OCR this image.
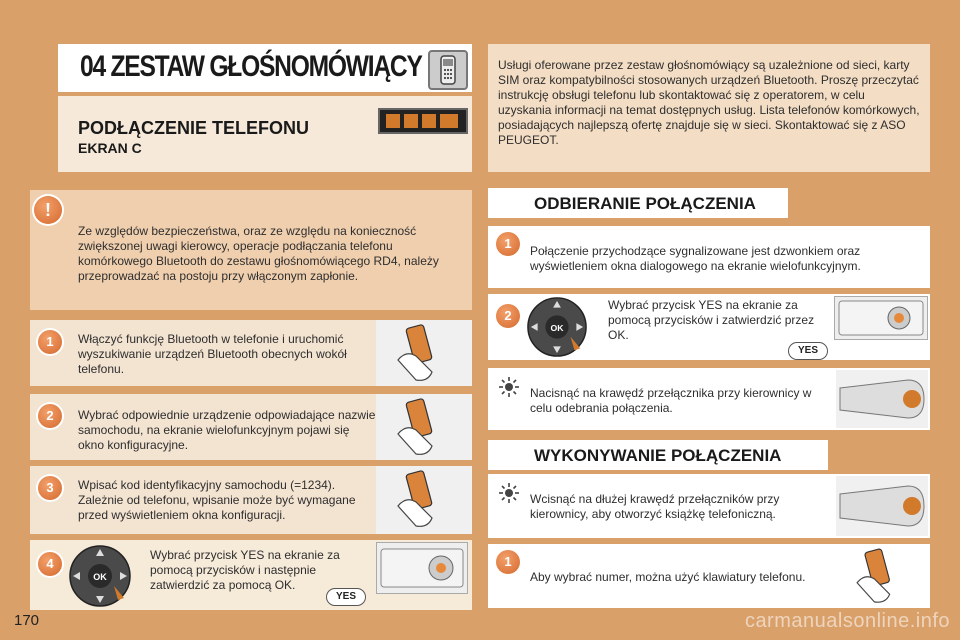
04 ZESTAW GŁOŚNOMÓWIĄCY
PODŁĄCZENIE TELEFONU
EKRAN C
Usługi oferowane przez zestaw głośnomówiący są uzależnione od sieci, karty SIM oraz kompatybilności stosowanych urządzeń Bluetooth. Proszę przeczytać instrukcję obsługi telefonu lub skontaktować się z operatorem, w celu uzyskania informacji na temat dostępnych usług. Lista telefonów komórkowych, posiadających najlepszą ofertę znajduje się w sieci. Skontaktować się z ASO PEUGEOT.
!
Ze względów bezpieczeństwa, oraz ze względu na konieczność zwiększonej uwagi kierowcy, operacje podłączania telefonu komórkowego Bluetooth do zestawu głośnomówiącego RD4, należy przeprowadzać na postoju przy włączonym zapłonie.
1	Włączyć funkcję Bluetooth w telefonie i uruchomić wyszukiwanie urządzeń Bluetooth obecnych wokół telefonu.
2	Wybrać odpowiednie urządzenie odpowiadające nazwie samochodu, na ekranie wielofunkcyjnym pojawi się okno konfiguracyjne.
3	Wpisać kod identyfikacyjny samochodu (=1234). Zależnie od telefonu, wpisanie może być wymagane przed wyświetleniem okna konfiguracji.
4
OK
Wybrać przycisk YES na ekranie za pomocą przycisków i następnie zatwierdzić za pomocą OK.
YES
ODBIERANIE POŁĄCZENIA
1	Połączenie przychodzące sygnalizowane jest dzwonkiem oraz wyświetleniem okna dialogowego na ekranie wielofunkcyjnym.
2
OK
Wybrać przycisk YES na ekranie za pomocą przycisków i zatwierdzić przez OK.
YES
Nacisnąć na krawędź przełącznika przy kierownicy w celu odebrania połączenia.
WYKONYWANIE POŁĄCZENIA
Wcisnąć na dłużej krawędź przełączników przy kierownicy, aby otworzyć książkę telefoniczną.
1
Aby wybrać numer, można użyć klawiatury telefonu.
170	carmanualsonline.info
